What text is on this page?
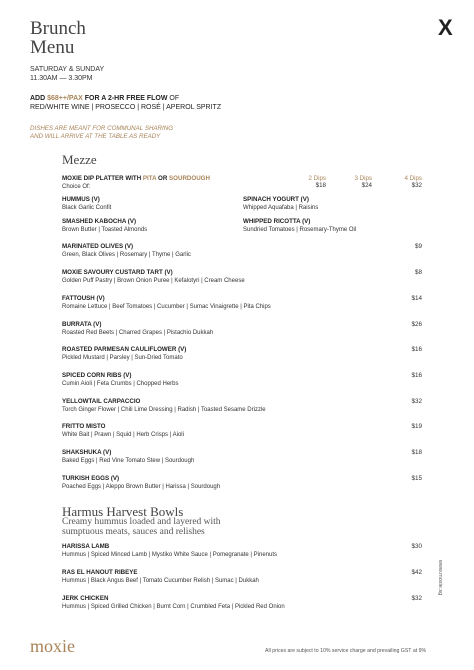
Brunch
Menu
X
SATURDAY & SUNDAY
11.30AM — 3.30PM
ADD $68++/PAX FOR A 2-HR FREE FLOW OF
RED/WHITE WINE | PROSECCO | ROSÉ | APEROL SPRITZ
DISHES ARE MEANT FOR COMMUNAL SHARING
AND WILL ARRIVE AT THE TABLE AS READY
Mezze
MOXIE DIP PLATTER WITH PITA OR SOURDOUGH
Choice Of:
2 Dips
$18
3 Dips
$24
4 Dips
$32
HUMMUS (V)
Black Garlic Confit
SPINACH YOGURT (V)
Whipped Aquafaba | Raisins
SMASHED KABOCHA (V)
Brown Butter | Toasted Almonds
WHIPPED RICOTTA (V)
Sundried Tomatoes | Rosemary-Thyme Oil
MARINATED OLIVES (V)
Green, Black Olives | Rosemary | Thyme | Garlic
$9
MOXIE SAVOURY CUSTARD TART (V)
Golden Puff Pastry | Brown Onion Puree | Kefalotyri | Cream Cheese
$8
FATTOUSH (V)
Romaine Lettuce | Beef Tomatoes | Cucumber | Sumac Vinaigrette | Pita Chips
$14
BURRATA (V)
Roasted Red Beets | Charred Grapes | Pistachio Dukkah
$26
ROASTED PARMESAN CAULIFLOWER (V)
Pickled Mustard | Parsley | Sun-Dried Tomato
$16
SPICED CORN RIBS (V)
Cumin Aioli | Feta Crumbs | Chopped Herbs
$16
YELLOWTAIL CARPACCIO
Torch Ginger Flower | Chili Lime Dressing | Radish | Toasted Sesame Drizzle
$32
FRITTO MISTO
White Bait | Prawn | Squid | Herb Crisps | Aioli
$19
SHAKSHUKA (V)
Baked Eggs | Red Vine Tomato Stew | Sourdough
$18
TURKISH EGGS (V)
Poached Eggs | Aleppo Brown Butter | Harissa | Sourdough
$15
Harmus Harvest Bowls
Creamy hummus loaded and layered with
sumptuous meats, sauces and relishes
HARISSA LAMB
Hummus | Spiced Minced Lamb | Mystiko White Sauce | Pomegranate | Pinenuts
$30
RAS EL HANOUT RIBEYE
Hummus | Black Angus Beef | Tomato Cucumber Relish | Sumac | Dukkah
$42
JERK CHICKEN
Hummus | Spiced Grilled Chicken | Burnt Corn | Crumbled Feta | Pickled Red Onion
$32
www.moxie.sg
moxie	All prices are subject to 10% service charge and prevailing GST at 9%
